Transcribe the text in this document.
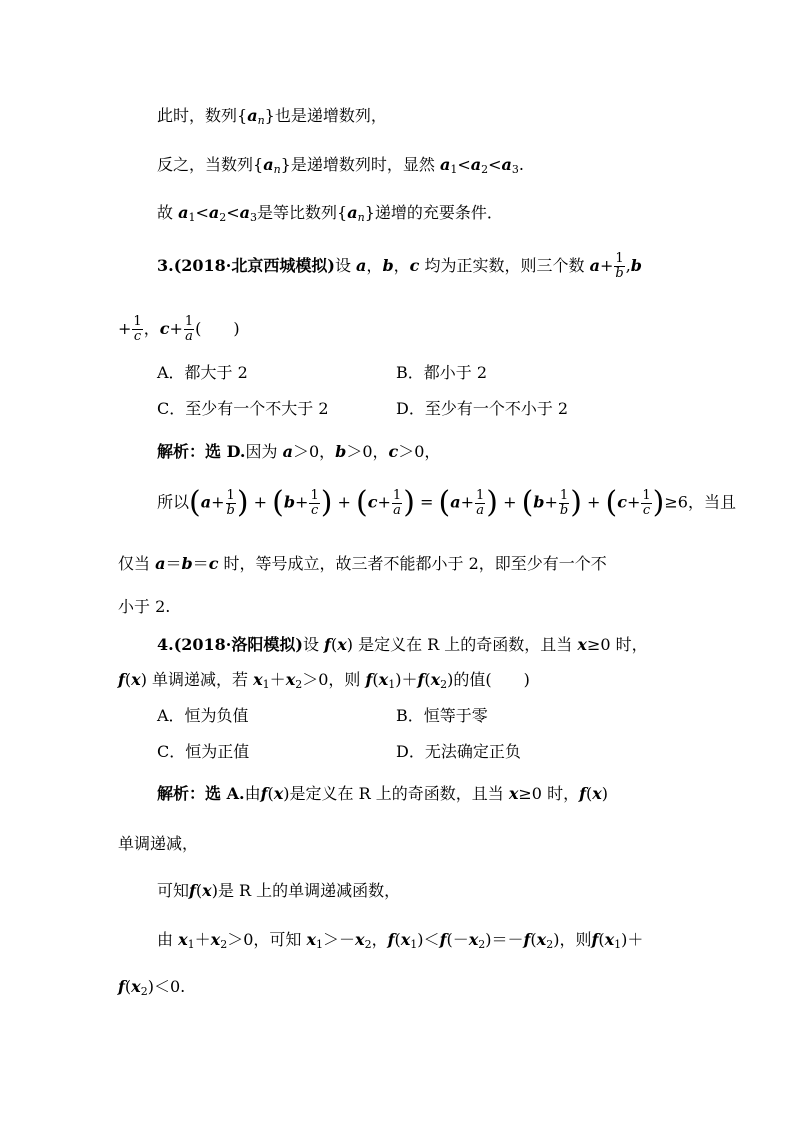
此时，数列$\{a_n\}$也是递增数列，
反之，当数列$\{a_n\}$是递增数列时，显然 $a_1<a_2<a_3$.
故 $a_1<a_2<a_3$是等比数列$\{a_n\}$递增的充要条件．
3.(2018·北京西城模拟)设 a，b，c 均为正实数，则三个数 $a+ \frac{1}{b} ,b$
+ $\frac{1}{c}$ ，$c+ \frac{1}{a}$ (　　)
A．都大于 2	B．都小于 2
C．至少有一个不大于 2	D．至少有一个不小于 2
解析：选 D.因为 a＞0，b＞0，c＞0，
所以($a+ \frac{1}{b}$ ) + ($b+ \frac{1}{c}$ ) + ($c+ \frac{1}{a}$ ) = ($a+ \frac{1}{a}$ ) + ($b+ \frac{1}{b}$ ) + $(c+ \frac{1}{c} )\ge 6$，当且
仅当 a＝b＝c 时，等号成立，故三者不能都小于 2，即至少有一个不
小于 2.
4.(2018·洛阳模拟)设 f(x) 是定义在 R 上的奇函数，且当 x≥0 时，
f(x) 单调递减，若 $x_1+x_2>0$，则 $f(x_1)+f(x_2)$的值(　　)
A．恒为负值	B．恒等于零
C．恒为正值	D．无法确定正负
解析：选 A.由f(x)是定义在 R 上的奇函数，且当 x≥0 时，f(x)
单调递减，
可知f(x)是 R 上的单调递减函数，
由 $x_1+x_2>0$，可知 $x_1>-x_2$，$f(x_1)<f(-x_2)=-f(x_2)$，则$f(x_1)+$
$f(x_2)<0$.
